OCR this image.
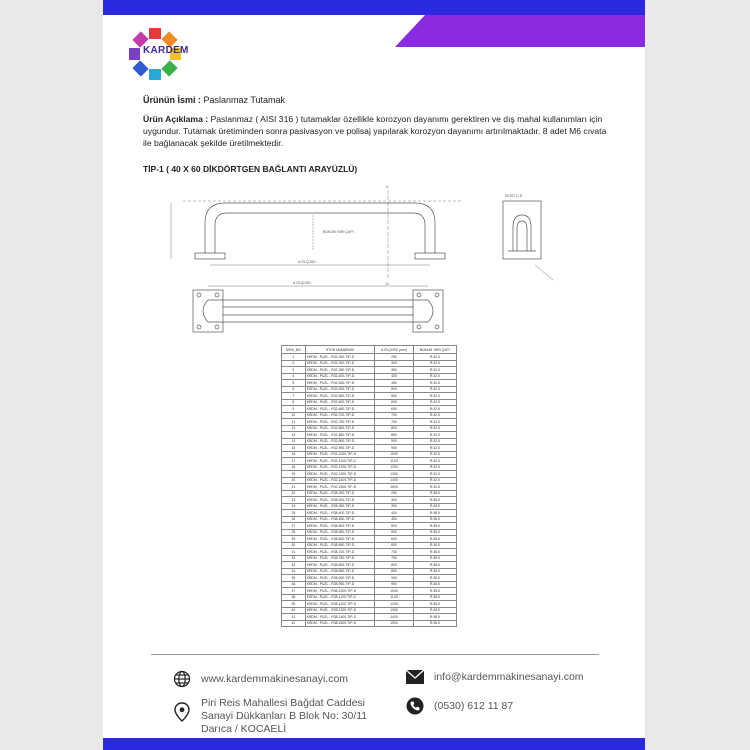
KARDEM
Ürünün İsmi : Paslanmaz Tutamak
Ürün Açıklama : Paslanmaz ( AISI 316 ) tutamaklar özellikle korozyon dayanımı gerektiren ve dış mahal kullanımları için uygundur. Tutamak üretiminden sonra pasivasyon ve polisaj yapılarak korozyon dayanımı artırılmaktadır. 8 adet M6 cıvata ile bağlanacak şekilde üretilmektedir.
TİP-1 ( 40 X 60 DİKDÖRTGEN BAĞLANTI ARAYÜZLÜ)
A ÖLÇÜSÜ
A ÖLÇÜSÜ
D
D
KESİT D-D
BÜKÜM YARI ÇAPI
SIRA_NO	STOK NUMARASI	A ÖLÇÜSÜ (mm)	BÜKÜM YARI ÇAPI
1	KRDM - PUZL - R32-250-TIP-D	250	R:32.5
2	KRDM - PUZL - R32-300-TIP-D	300	R:32.5
3	KRDM - PUZL - R32-350-TIP-D	350	R:32.5
4	KRDM - PUZL - R32-400-TIP-D	400	R:32.5
5	KRDM - PUZL - R32-450-TIP-D	450	R:32.5
6	KRDM - PUZL - R32-500-TIP-D	500	R:32.5
7	KRDM - PUZL - R32-550-TIP-D	550	R:32.5
8	KRDM - PUZL - R32-600-TIP-D	600	R:32.5
9	KRDM - PUZL - R32-650-TIP-D	650	R:32.5
10	KRDM - PUZL - R32-700-TIP-D	700	R:32.5
11	KRDM - PUZL - R32-750-TIP-D	750	R:32.5
12	KRDM - PUZL - R32-800-TIP-D	800	R:32.5
13	KRDM - PUZL - R32-850-TIP-D	850	R:32.5
14	KRDM - PUZL - R32-900-TIP-D	900	R:32.5
15	KRDM - PUZL - R32-950-TIP-D	950	R:32.5
16	KRDM - PUZL - R32-1000-TIP-D	1000	R:32.5
17	KRDM - PUZL - R32-1100-TIP-D	1100	R:32.5
18	KRDM - PUZL - R32-1200-TIP-D	1200	R:32.5
19	KRDM - PUZL - R32-1300-TIP-D	1300	R:32.5
20	KRDM - PUZL - R32-1400-TIP-D	1400	R:32.5
21	KRDM - PUZL - R32-1500-TIP-D	1500	R:32.5
22	KRDM - PUZL - R38-250-TIP-D	250	R:38.5
23	KRDM - PUZL - R38-300-TIP-D	300	R:38.5
24	KRDM - PUZL - R38-350-TIP-D	350	R:38.5
25	KRDM - PUZL - R38-400-TIP-D	400	R:38.5
26	KRDM - PUZL - R38-450-TIP-D	450	R:38.5
27	KRDM - PUZL - R38-500-TIP-D	500	R:38.5
28	KRDM - PUZL - R38-550-TIP-D	550	R:38.5
29	KRDM - PUZL - R38-600-TIP-D	600	R:38.5
30	KRDM - PUZL - R38-650-TIP-D	650	R:38.5
31	KRDM - PUZL - R38-700-TIP-D	700	R:38.5
32	KRDM - PUZL - R38-750-TIP-D	750	R:38.5
33	KRDM - PUZL - R38-800-TIP-D	800	R:38.5
34	KRDM - PUZL - R38-850-TIP-D	850	R:38.5
35	KRDM - PUZL - R38-900-TIP-D	900	R:38.5
36	KRDM - PUZL - R38-950-TIP-D	950	R:38.5
37	KRDM - PUZL - R38-1000-TIP-D	1000	R:38.5
38	KRDM - PUZL - R38-1100-TIP-D	1100	R:38.5
39	KRDM - PUZL - R38-1200-TIP-D	1200	R:38.5
40	KRDM - PUZL - R38-1300-TIP-D	1300	R:38.5
41	KRDM - PUZL - R38-1400-TIP-D	1400	R:38.5
42	KRDM - PUZL - R38-1500-TIP-D	1500	R:38.5
www.kardemmakinesanayi.com	info@kardemmakinesanayi.com
Piri Reis Mahallesi Bağdat Caddesi
Sanayi Dükkanları B Blok No: 30/11
Darıca / KOCAELİ
(0530) 612 11 87
